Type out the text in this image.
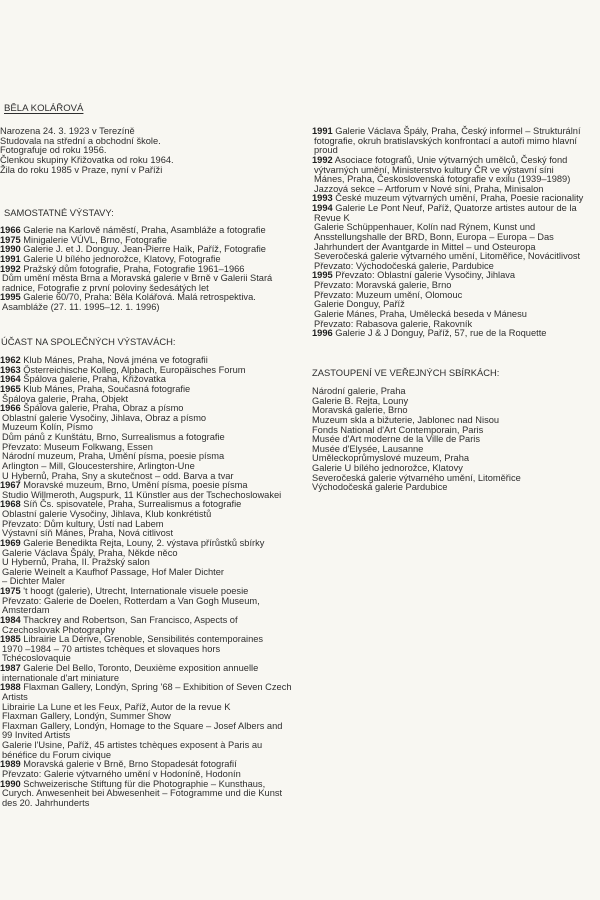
BĚLA KOLÁŘOVÁ
Narozena 24. 3. 1923 v Terezíně
Studovala na střední a obchodní škole.
Fotografuje od roku 1956.
Členkou skupiny Křižovatka od roku 1964.
Žila do roku 1985 v Praze, nyní v Paříži
SAMOSTATNÉ VÝSTAVY:
1966 Galerie na Karlově náměstí, Praha, Asambláže a fotografie
1975 Minigalerie VÚVL, Brno, Fotografie
1990 Galerie J. et J. Donguy. Jean-Pierre Haïk, Paříž, Fotografie
1991 Galerie U bílého jednorožce, Klatovy, Fotografie
1992 Pražský dům fotografie, Praha, Fotografie 1961–1966
Dům umění města Brna a Moravská galerie v Brně v Galerii Stará
radnice, Fotografie z první poloviny šedesátých let
1995 Galerie 60/70, Praha: Běla Kolářová. Malá retrospektiva.
Asambláže (27. 11. 1995–12. 1. 1996)
ÚČAST NA SPOLEČNÝCH VÝSTAVÁCH:
1962 Klub Mánes, Praha, Nová jména ve fotografii
1963 Österreichische Kolleg, Alpbach, Europäisches Forum
1964 Špálova galerie, Praha, Křižovatka
1965 Klub Mánes, Praha, Současná fotografie
Špálova galerie, Praha, Objekt
1966 Špálova galerie, Praha, Obraz a písmo
Oblastní galerie Vysočiny, Jihlava, Obraz a písmo
Muzeum Kolín, Písmo
Dům pánů z Kunštátu, Brno, Surrealismus a fotografie
Převzato: Museum Folkwang, Essen
Národní muzeum, Praha, Umění písma, poesie písma
Arlington – Mill, Gloucestershire, Arlington-Une
U Hybernů, Praha, Sny a skutečnost – odd. Barva a tvar
1967 Moravské muzeum, Brno, Umění písma, poesie písma
Studio Willmeroth, Augspurk, 11 Künstler aus der Tschechoslowakei
1968 Síň Čs. spisovatele, Praha, Surrealismus a fotografie
Oblastní galerie Vysočiny, Jihlava, Klub konkrétistů
Převzato: Dům kultury, Ústí nad Labem
Výstavní síň Mánes, Praha, Nová citlivost
1969 Galerie Benedikta Rejta, Louny, 2. výstava přírůstků sbírky
Galerie Václava Špály, Praha, Někde něco
U Hybernů, Praha, II. Pražský salon
Galerie Weinelt a Kaufhof Passage, Hof Maler Dichter
– Dichter Maler
1975 't hoogt (galerie), Utrecht, Internationale visuele poesie
Převzato: Galerie de Doelen, Rotterdam a Van Gogh Museum,
Amsterdam
1984 Thackrey and Robertson, San Francisco, Aspects of
Czechoslovak Photography
1985 Librairie La Dérive, Grenoble, Sensibilités contemporaines
1970 –1984 – 70 artistes tchèques et slovaques hors
Tchécoslovaquie
1987 Galerie Del Bello, Toronto, Deuxième exposition annuelle
internationale d'art miniature
1988 Flaxman Gallery, Londýn, Spring '68 – Exhibition of Seven Czech
Artists
Librairie La Lune et les Feux, Paříž, Autor de la revue K
Flaxman Gallery, Londýn, Summer Show
Flaxman Gallery, Londýn, Homage to the Square – Josef Albers and
99 Invited Artists
Galerie l'Usine, Paříž, 45 artistes tchèques exposent à Paris au
bénéfice du Forum civique
1989 Moravská galerie v Brně, Brno Stopadesát fotografií
Převzato: Galerie výtvarného umění v Hodoníně, Hodonín
1990 Schweizerische Stiftung für die Photographie – Kunsthaus,
Curych. Anwesenheit bei Abwesenheit – Fotogramme und die Kunst
des 20. Jahrhunderts
1991 Galerie Václava Špály, Praha, Český informel – Strukturální
fotografie, okruh bratislavských konfrontací a autoři mimo hlavní
proud
1992 Asociace fotografů, Unie výtvarných umělců, Český fond
výtvarných umění, Ministerstvo kultury ČR ve výstavní síni
Mánes, Praha, Československá fotografie v exilu (1939–1989)
Jazzová sekce – Artforum v Nové síni, Praha, Minisalon
1993 České muzeum výtvarných umění, Praha, Poesie racionality
1994 Galerie Le Pont Neuf, Paříž, Quatorze artistes autour de la
Revue K
Galerie Schüppenhauer, Kolín nad Rýnem, Kunst und
Ansstellungshalle der BRD, Bonn, Europa – Europa – Das
Jahrhundert der Avantgarde in Mittel – und Osteuropa
Severočeská galerie výtvarného umění, Litoměřice, Novácitlivost
Převzato: Východočeská galerie, Pardubice
1995 Převzato: Oblastní galerie Vysočiny, Jihlava
Převzato: Moravská galerie, Brno
Převzato: Muzeum umění, Olomouc
Galerie Donguy, Paříž
Galerie Mánes, Praha, Umělecká beseda v Mánesu
Převzato: Rabasova galerie, Rakovník
1996 Galerie J & J Donguy, Paříž, 57, rue de la Roquette
ZASTOUPENÍ VE VEŘEJNÝCH SBÍRKÁCH:
Národní galerie, Praha
Galerie B. Rejta, Louny
Moravská galerie, Brno
Muzeum skla a bižuterie, Jablonec nad Nisou
Fonds National d'Art Contemporain, Paris
Musée d'Art moderne de la Ville de Paris
Musée d'Elysée, Lausanne
Uměleckoprůmyslové muzeum, Praha
Galerie U bílého jednorožce, Klatovy
Severočeská galerie výtvarného umění, Litoměřice
Východočeská galerie Pardubice
